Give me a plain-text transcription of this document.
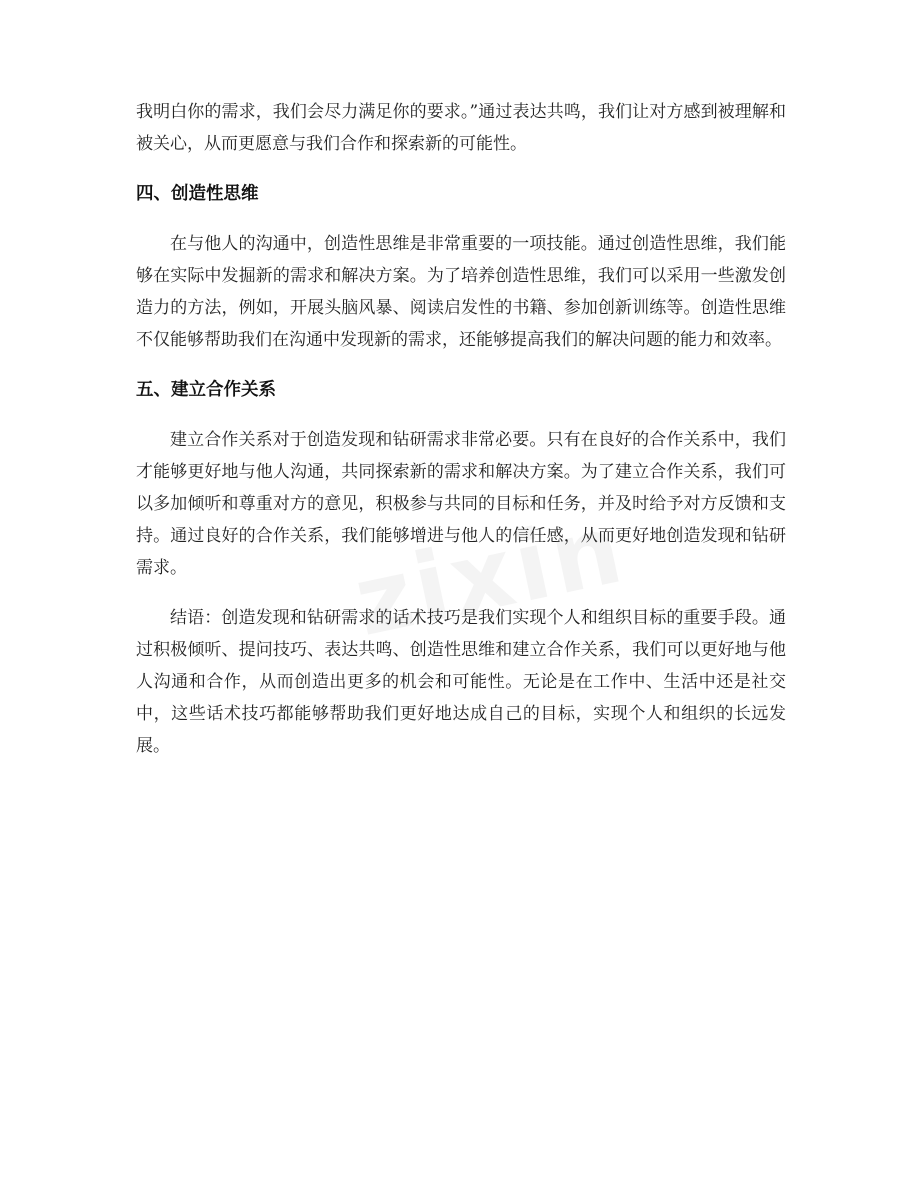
我明白你的需求，我们会尽力满足你的要求。”通过表达共鸣，我们让对方感到被理解和被关心，从而更愿意与我们合作和探索新的可能性。

四、创造性思维

在与他人的沟通中，创造性思维是非常重要的一项技能。通过创造性思维，我们能够在实际中发掘新的需求和解决方案。为了培养创造性思维，我们可以采用一些激发创造力的方法，例如，开展头脑风暴、阅读启发性的书籍、参加创新训练等。创造性思维不仅能够帮助我们在沟通中发现新的需求，还能够提高我们的解决问题的能力和效率。

五、建立合作关系

建立合作关系对于创造发现和钻研需求非常必要。只有在良好的合作关系中，我们才能够更好地与他人沟通，共同探索新的需求和解决方案。为了建立合作关系，我们可以多加倾听和尊重对方的意见，积极参与共同的目标和任务，并及时给予对方反馈和支持。通过良好的合作关系，我们能够增进与他人的信任感，从而更好地创造发现和钻研需求。

结语：创造发现和钻研需求的话术技巧是我们实现个人和组织目标的重要手段。通过积极倾听、提问技巧、表达共鸣、创造性思维和建立合作关系，我们可以更好地与他人沟通和合作，从而创造出更多的机会和可能性。无论是在工作中、生活中还是社交中，这些话术技巧都能够帮助我们更好地达成自己的目标，实现个人和组织的长远发展。
